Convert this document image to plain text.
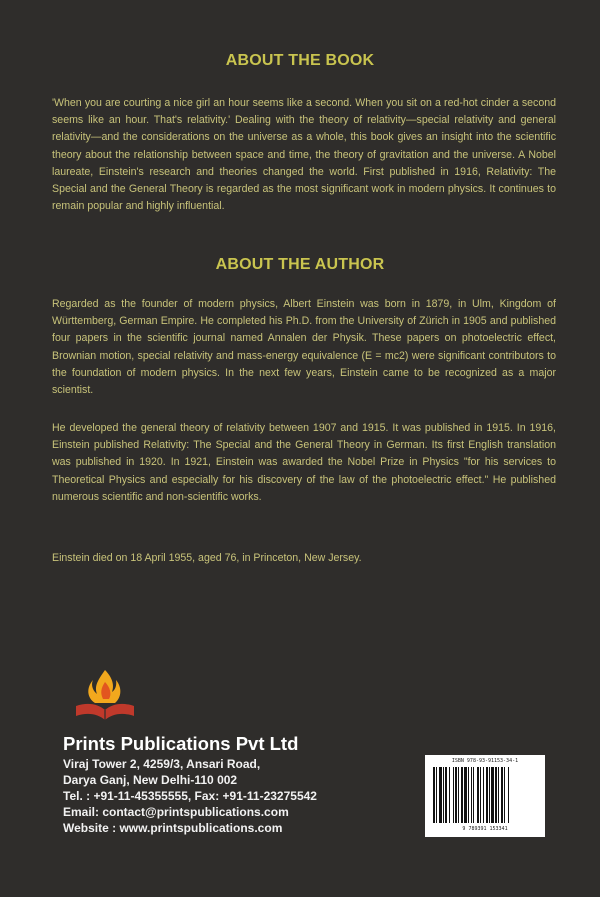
ABOUT THE BOOK

'When you are courting a nice girl an hour seems like a second. When you sit on a red-hot cinder a second seems like an hour. That's relativity.' Dealing with the theory of relativity—special relativity and general relativity—and the considerations on the universe as a whole, this book gives an insight into the scientific theory about the relationship between space and time, the theory of gravitation and the universe. A Nobel laureate, Einstein's research and theories changed the world. First published in 1916, Relativity: The Special and the General Theory is regarded as the most significant work in modern physics. It continues to remain popular and highly influential.

ABOUT THE AUTHOR

Regarded as the founder of modern physics, Albert Einstein was born in 1879, in Ulm, Kingdom of Württemberg, German Empire. He completed his Ph.D. from the University of Zürich in 1905 and published four papers in the scientific journal named Annalen der Physik. These papers on photoelectric effect, Brownian motion, special relativity and mass-energy equivalence (E = mc2) were significant contributors to the foundation of modern physics. In the next few years, Einstein came to be recognized as a major scientist.

He developed the general theory of relativity between 1907 and 1915. It was published in 1915. In 1916, Einstein published Relativity: The Special and the General Theory in German. Its first English translation was published in 1920. In 1921, Einstein was awarded the Nobel Prize in Physics "for his services to Theoretical Physics and especially for his discovery of the law of the photoelectric effect." He published numerous scientific and non-scientific works.

Einstein died on 18 April 1955, aged 76, in Princeton, New Jersey.

Prints Publications Pvt Ltd

Viraj Tower 2, 4259/3, Ansari Road,

Darya Ganj, New Delhi-110 002

Tel. : +91-11-45355555, Fax: +91-11-23275542

Email: contact@printspublications.com

Website : www.printspublications.com

ISBN 978-93-91153-34-1
9 789391 153341
